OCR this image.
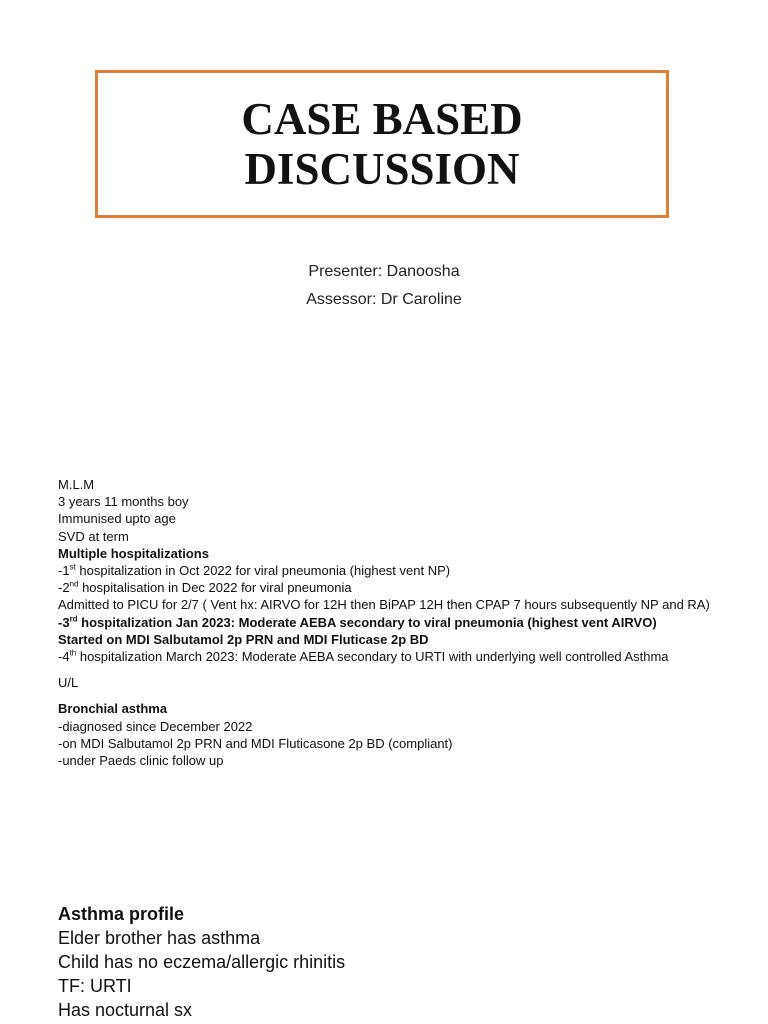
CASE BASED
DISCUSSION
Presenter: Danoosha
Assessor: Dr Caroline
M.L.M
3 years 11 months boy
Immunised upto age
SVD at term
Multiple hospitalizations
-1st hospitalization in Oct 2022 for viral pneumonia (highest vent NP)
-2nd hospitalisation in Dec 2022 for viral pneumonia
Admitted to PICU for 2/7 ( Vent hx: AIRVO for 12H then BiPAP 12H then CPAP 7 hours subsequently NP and RA)
-3rd hospitalization Jan 2023: Moderate AEBA secondary to viral pneumonia (highest vent AIRVO)
Started on MDI Salbutamol 2p PRN and MDI Fluticase 2p BD
-4th hospitalization March 2023: Moderate AEBA secondary to URTI with underlying well controlled Asthma
U/L
Bronchial asthma
-diagnosed since December 2022
-on MDI Salbutamol 2p PRN and MDI Fluticasone 2p BD (compliant)
-under Paeds clinic follow up
Asthma profile
Elder brother has asthma
Child has no eczema/allergic rhinitis
TF: URTI
Has nocturnal sx
